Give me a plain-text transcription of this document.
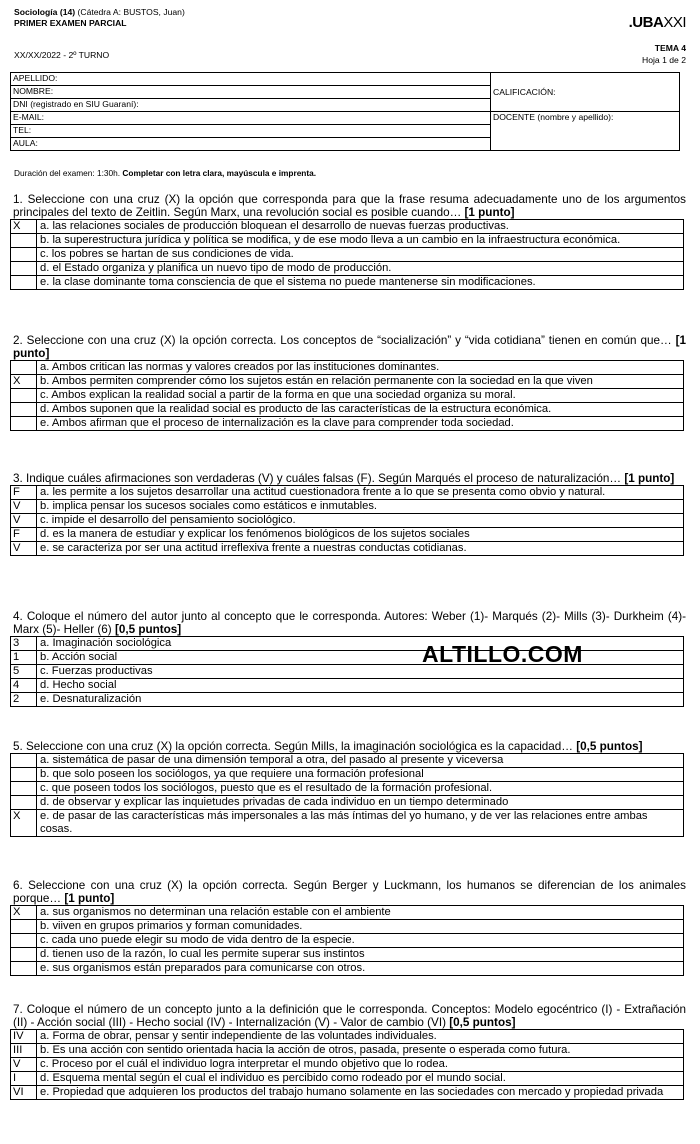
Sociología (14) (Cátedra A: BUSTOS, Juan)
PRIMER EXAMEN PARCIAL	.UBAXXI
XX/XX/2022 - 2º TURNO
TEMA 4
Hoja 1 de 2
APELLIDO:	CALIFICACIÓN:
NOMBRE:	
DNI (registrado en SIU Guaraní):	
E-MAIL:	DOCENTE (nombre y apellido):
TEL:	
AULA:	
Duración del examen: 1:30h. Completar con letra clara, mayúscula e imprenta.
1. Seleccione con una cruz (X) la opción que corresponda para que la frase resuma adecuadamente uno de los argumentos principales del texto de Zeitlin. Según Marx, una revolución social es posible cuando… [1 punto]
X	a. las relaciones sociales de producción bloquean el desarrollo de nuevas fuerzas productivas.
	b. la superestructura jurídica y política se modifica, y de ese modo lleva a un cambio en la infraestructura económica.
	c. los pobres se hartan de sus condiciones de vida.
	d. el Estado organiza y planifica un nuevo tipo de modo de producción.
	e. la clase dominante toma consciencia de que el sistema no puede mantenerse sin modificaciones.
2. Seleccione con una cruz (X) la opción correcta. Los conceptos de “socialización” y “vida cotidiana” tienen en común que… [1 punto]
	a. Ambos critican las normas y valores creados por las instituciones dominantes.
X	b. Ambos permiten comprender cómo los sujetos están en relación permanente con la sociedad en la que viven
	c. Ambos explican la realidad social a partir de la forma en que una sociedad organiza su moral.
	d. Ambos suponen que la realidad social es producto de las características de la estructura económica.
	e. Ambos afirman que el proceso de internalización es la clave para comprender toda sociedad.
3. Indique cuáles afirmaciones son verdaderas (V) y cuáles falsas (F). Según Marqués el proceso de naturalización… [1 punto]
F	a. les permite a los sujetos desarrollar una actitud cuestionadora frente a lo que se presenta como obvio y natural.
V	b. implica pensar los sucesos sociales como estáticos e inmutables.
V	c. impide el desarrollo del pensamiento sociológico.
F	d. es la manera de estudiar y explicar los fenómenos biológicos de los sujetos sociales
V	e. se caracteriza por ser una actitud irreflexiva frente a nuestras conductas cotidianas.
4. Coloque el número del autor junto al concepto que le corresponda. Autores: Weber (1)- Marqués (2)- Mills (3)- Durkheim (4)- Marx (5)- Heller (6) [0,5 puntos]
3	a. Imaginación sociológica
1	b. Acción social
5	c. Fuerzas productivas
4	d. Hecho social
2	e. Desnaturalización
5. Seleccione con una cruz (X) la opción correcta. Según Mills, la imaginación sociológica es la capacidad… [0,5 puntos]
	a. sistemática de pasar de una dimensión temporal a otra, del pasado al presente y viceversa
	b. que solo poseen los sociólogos, ya que requiere una formación profesional
	c. que poseen todos los sociólogos, puesto que es el resultado de la formación profesional.
	d. de observar y explicar las inquietudes privadas de cada individuo en un tiempo determinado
X	e. de pasar de las características más impersonales a las más íntimas del yo humano, y de ver las relaciones entre ambas cosas.
6. Seleccione con una cruz (X) la opción correcta. Según Berger y Luckmann, los humanos se diferencian de los animales porque… [1 punto]
X	a. sus organismos no determinan una relación estable con el ambiente
	b. viiven en grupos primarios y forman comunidades.
	c. cada uno puede elegir su modo de vida dentro de la especie.
	d. tienen uso de la razón, lo cual les permite superar sus instintos
	e. sus organismos están preparados para comunicarse con otros.
7. Coloque el número de un concepto junto a la definición que le corresponda. Conceptos: Modelo egocéntrico (I) - Extrañación (II) - Acción social (III) - Hecho social (IV) - Internalización (V) - Valor de cambio (VI) [0,5 puntos]
IV	a. Forma de obrar, pensar y sentir independiente de las voluntades individuales.
III	b. Es una acción con sentido orientada hacia la acción de otros, pasada, presente o esperada como futura.
V	c. Proceso por el cuál el individuo logra interpretar el mundo objetivo que lo rodea.
I	d. Esquema mental según el cual el individuo es percibido como rodeado por el mundo social.
VI	e. Propiedad que adquieren los productos del trabajo humano solamente en las sociedades con mercado y propiedad privada
ALTILLO.COM
